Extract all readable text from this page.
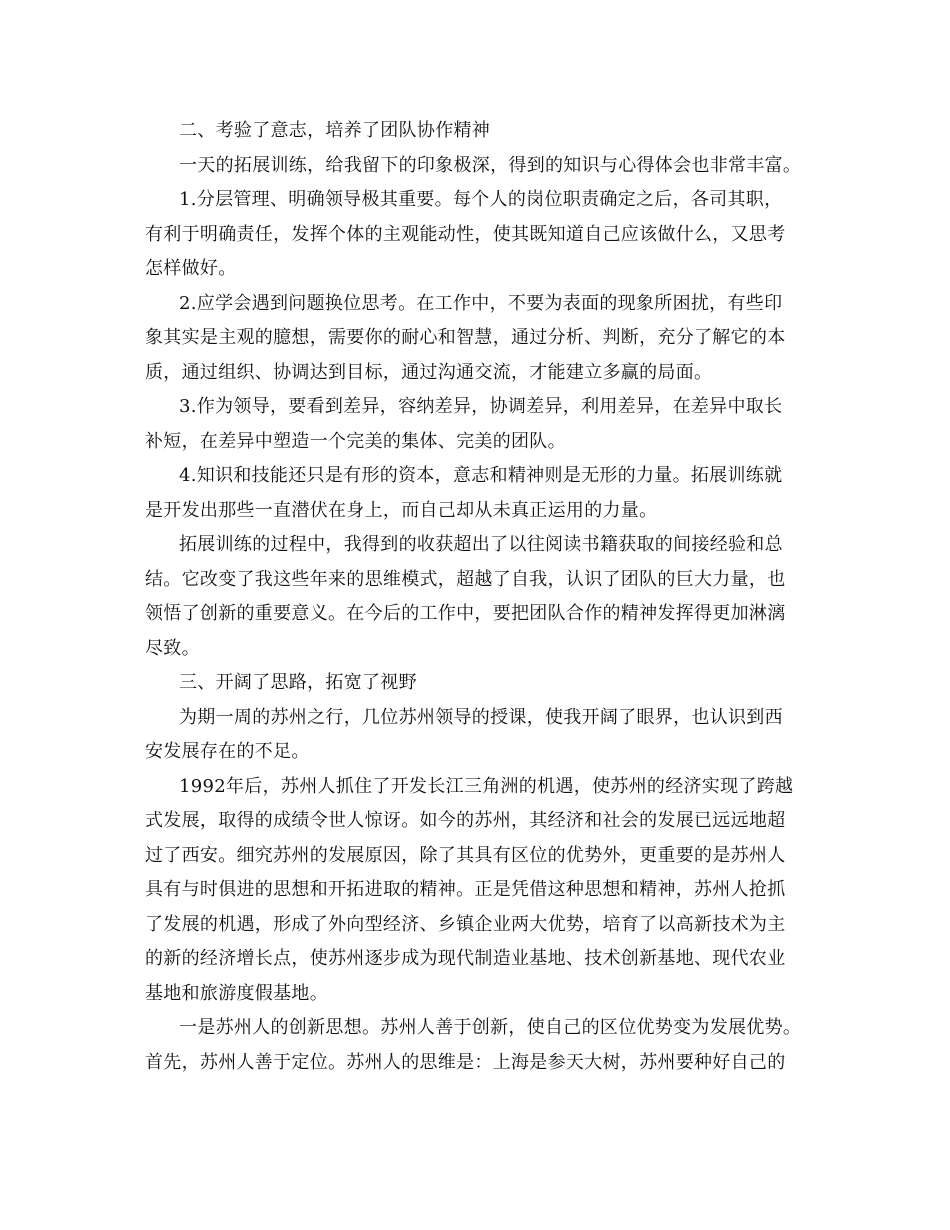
二、考验了意志，培养了团队协作精神
一天的拓展训练，给我留下的印象极深，得到的知识与心得体会也非常丰富。
1.分层管理、明确领导极其重要。每个人的岗位职责确定之后，各司其职，
有利于明确责任，发挥个体的主观能动性，使其既知道自己应该做什么，又思考
怎样做好。
2.应学会遇到问题换位思考。在工作中，不要为表面的现象所困扰，有些印
象其实是主观的臆想，需要你的耐心和智慧，通过分析、判断，充分了解它的本
质，通过组织、协调达到目标，通过沟通交流，才能建立多赢的局面。
3.作为领导，要看到差异，容纳差异，协调差异，利用差异，在差异中取长
补短，在差异中塑造一个完美的集体、完美的团队。
4.知识和技能还只是有形的资本，意志和精神则是无形的力量。拓展训练就
是开发出那些一直潜伏在身上，而自己却从未真正运用的力量。
拓展训练的过程中，我得到的收获超出了以往阅读书籍获取的间接经验和总
结。它改变了我这些年来的思维模式，超越了自我，认识了团队的巨大力量，也
领悟了创新的重要意义。在今后的工作中，要把团队合作的精神发挥得更加淋漓
尽致。
三、开阔了思路，拓宽了视野
为期一周的苏州之行，几位苏州领导的授课，使我开阔了眼界，也认识到西
安发展存在的不足。
1992年后，苏州人抓住了开发长江三角洲的机遇，使苏州的经济实现了跨越
式发展，取得的成绩令世人惊讶。如今的苏州，其经济和社会的发展已远远地超
过了西安。细究苏州的发展原因，除了其具有区位的优势外，更重要的是苏州人
具有与时俱进的思想和开拓进取的精神。正是凭借这种思想和精神，苏州人抢抓
了发展的机遇，形成了外向型经济、乡镇企业两大优势，培育了以高新技术为主
的新的经济增长点，使苏州逐步成为现代制造业基地、技术创新基地、现代农业
基地和旅游度假基地。
一是苏州人的创新思想。苏州人善于创新，使自己的区位优势变为发展优势。
首先，苏州人善于定位。苏州人的思维是：上海是参天大树，苏州要种好自己的
